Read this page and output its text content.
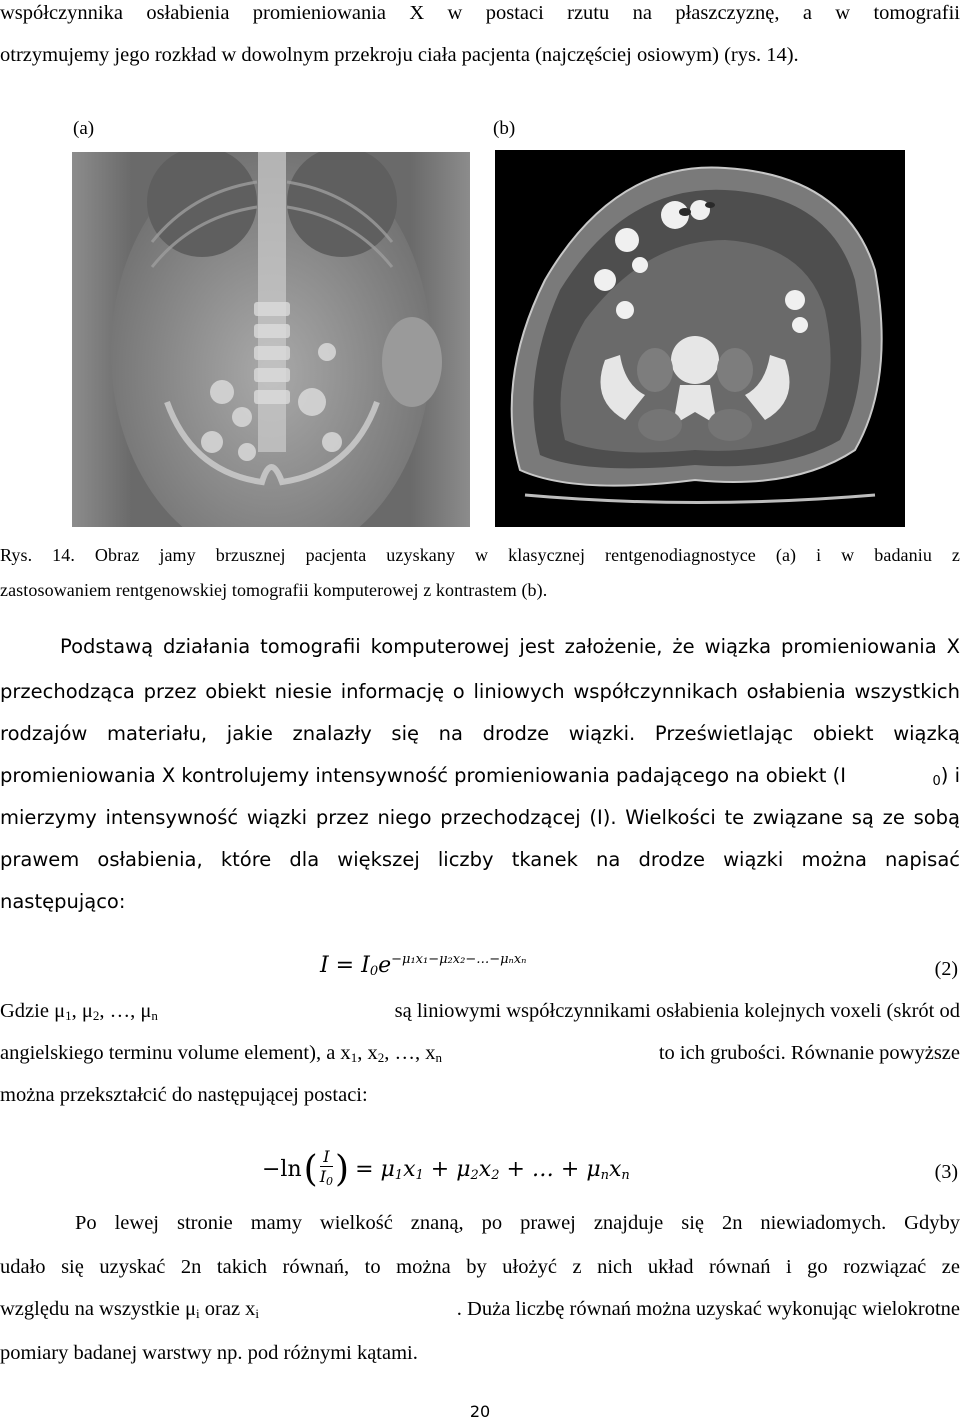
współczynnika osłabienia promieniowania X w postaci rzutu na płaszczyznę, a w tomografii
otrzymujemy jego rozkład w dowolnym przekroju ciała pacjenta (najczęściej osiowym) (rys. 14).
(a)	(b)
Rys. 14. Obraz jamy brzusznej pacjenta uzyskany w klasycznej rentgenodiagnostyce (a) i w badaniu z
zastosowaniem rentgenowskiej tomografii komputerowej z kontrastem (b).
Podstawą działania tomografii komputerowej jest założenie, że wiązka promieniowania X
przechodząca przez obiekt niesie informację o liniowych współczynnikach osłabienia wszystkich
rodzajów materiału, jakie znalazły się na drodze wiązki. Prześwietlając obiekt wiązką
promieniowania X kontrolujemy intensywność promieniowania padającego na obiekt (I	$_0$) i
mierzymy intensywność wiązki przez niego przechodzącej (I). Wielkości te związane są ze sobą
prawem osłabienia, które dla większej liczby tkanek na drodze wiązki można napisać
następująco:
$I = I_0e^{-\mu_1x_1-\mu_2x_2-\dots-\mu_nx_n}$	(2)
Gdzie $\mu_1$, $\mu_2$, …, $\mu_n$	są liniowymi współczynnikami osłabienia kolejnych voxeli (skrót od
angielskiego terminu volume element), a $x_1$, $x_2$, …, $x_n$	to ich grubości. Równanie powyższe
można przekształcić do następującej postaci:
−ln ( I
$I_0$ ) = $\mu_1x_1 + \mu_2x_2$ + … + $\mu_nx_n$	(3)
Po lewej stronie mamy wielkość znaną, po prawej znajduje się 2n niewiadomych. Gdyby
udało się uzyskać 2n takich równań, to można by ułożyć z nich układ równań i go rozwiązać ze
względu na wszystkie $\mu_i$ oraz $x_i$	. Duża liczbę równań można uzyskać wykonując wielokrotne
pomiary badanej warstwy np. pod różnymi kątami.
20
